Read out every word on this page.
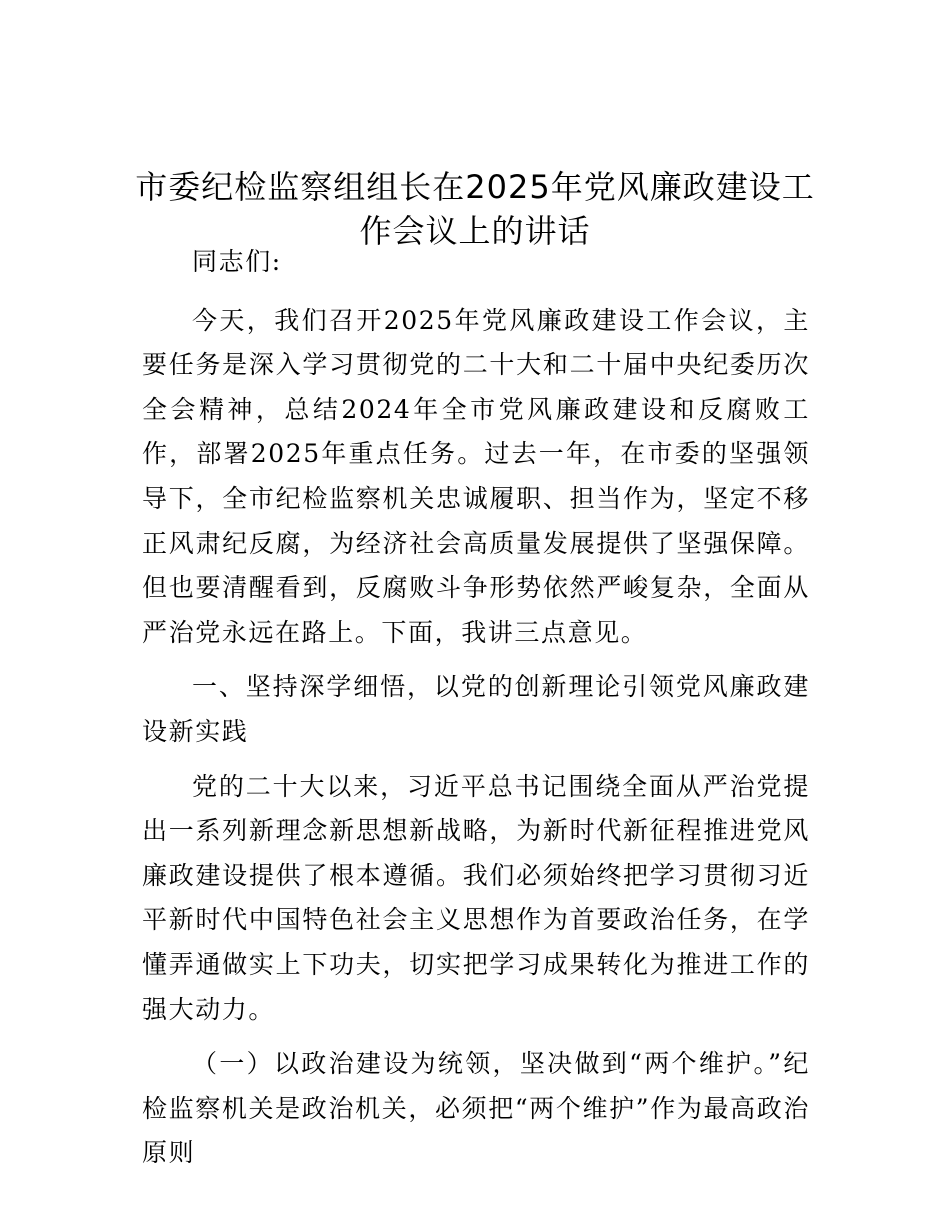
市委纪检监察组组长在2025年党风廉政建设工作会议上的讲话

同志们:

今天，我们召开2025年党风廉政建设工作会议，主要任务是深入学习贯彻党的二十大和二十届中央纪委历次全会精神，总结2024年全市党风廉政建设和反腐败工作，部署2025年重点任务。过去一年，在市委的坚强领导下，全市纪检监察机关忠诚履职、担当作为，坚定不移正风肃纪反腐，为经济社会高质量发展提供了坚强保障。但也要清醒看到，反腐败斗争形势依然严峻复杂，全面从严治党永远在路上。下面，我讲三点意见。

一、坚持深学细悟，以党的创新理论引领党风廉政建设新实践

党的二十大以来，习近平总书记围绕全面从严治党提出一系列新理念新思想新战略，为新时代新征程推进党风廉政建设提供了根本遵循。我们必须始终把学习贯彻习近平新时代中国特色社会主义思想作为首要政治任务，在学懂弄通做实上下功夫，切实把学习成果转化为推进工作的强大动力。

（一）以政治建设为统领，坚决做到“两个维护。”纪检监察机关是政治机关，必须把“两个维护”作为最高政治原则
